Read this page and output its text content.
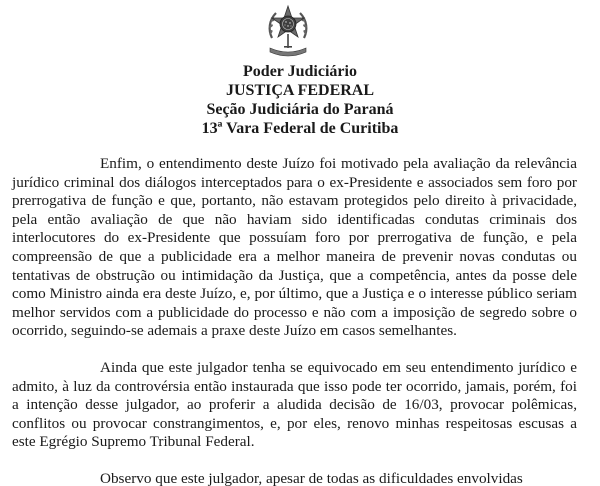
Poder Judiciário
JUSTIÇA FEDERAL
Seção Judiciária do Paraná
13ª Vara Federal de Curitiba

Enfim, o entendimento deste Juízo foi motivado pela avaliação da relevância jurídico criminal dos diálogos interceptados para o ex-Presidente e associados sem foro por prerrogativa de função e que, portanto, não estavam protegidos pelo direito à privacidade, pela então avaliação de que não haviam sido identificadas condutas criminais dos interlocutores do ex-Presidente que possuíam foro por prerrogativa de função, e pela compreensão de que a publicidade era a melhor maneira de prevenir novas condutas ou tentativas de obstrução ou intimidação da Justiça, que a competência, antes da posse dele como Ministro ainda era deste Juízo, e, por último, que a Justiça e o interesse público seriam melhor servidos com a publicidade do processo e não com a imposição de segredo sobre o ocorrido, seguindo-se ademais a praxe deste Juízo em casos semelhantes.

Ainda que este julgador tenha se equivocado em seu entendimento jurídico e admito, à luz da controvérsia então instaurada que isso pode ter ocorrido, jamais, porém, foi a intenção desse julgador, ao proferir a aludida decisão de 16/03, provocar polêmicas, conflitos ou provocar constrangimentos, e, por eles, renovo minhas respeitosas escusas a este Egrégio Supremo Tribunal Federal.

Observo que este julgador, apesar de todas as dificuldades envolvidas
